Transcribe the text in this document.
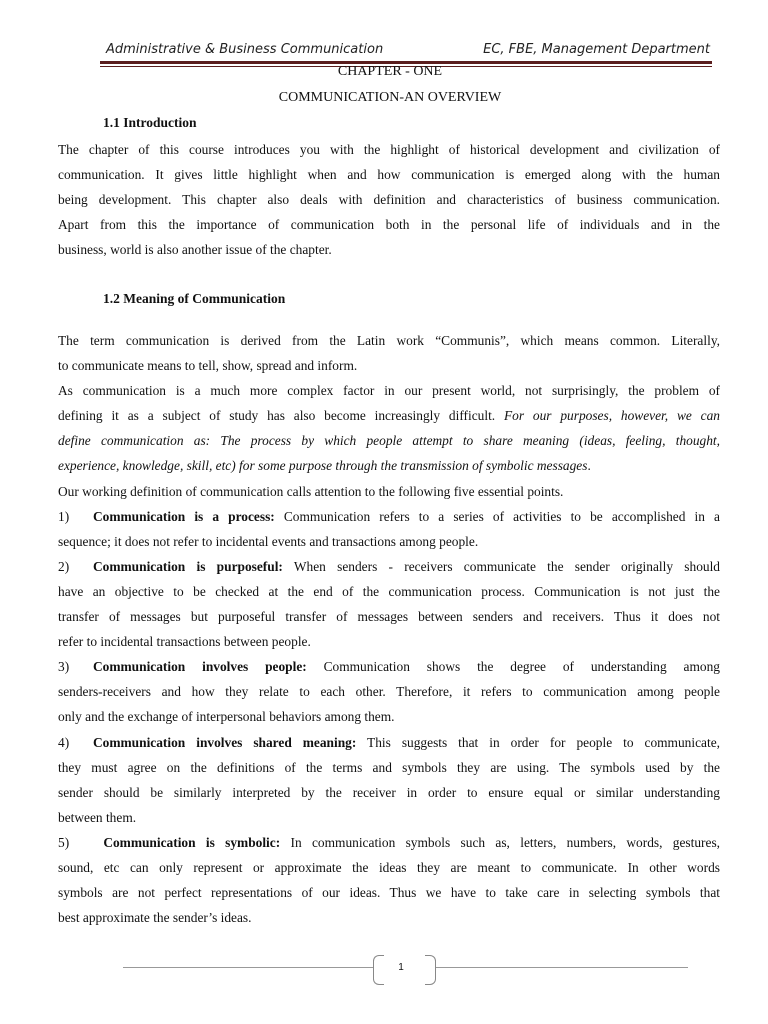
Administrative & Business Communication	EC, FBE, Management Department
CHAPTER - ONE
COMMUNICATION-AN OVERVIEW
1.1 Introduction
The chapter of this course introduces you with the highlight of historical development and civilization of
communication. It gives little highlight when and how communication is emerged along with the human
being development. This chapter also deals with definition and characteristics of business communication.
Apart from this the importance of communication both in the personal life of individuals and in the
business, world is also another issue of the chapter.
1.2 Meaning of Communication
The term communication is derived from the Latin work “Communis”, which means common. Literally,
to communicate means to tell, show, spread and inform.
As communication is a much more complex factor in our present world, not surprisingly, the problem of
defining it as a subject of study has also become increasingly difficult. For our purposes, however, we can
define communication as: The process by which people attempt to share meaning (ideas, feeling, thought,
experience, knowledge, skill, etc) for some purpose through the transmission of symbolic messages.
Our working definition of communication calls attention to the following five essential points.
1) Communication is a process: Communication refers to a series of activities to be accomplished in a
sequence; it does not refer to incidental events and transactions among people.
2) Communication is purposeful: When senders - receivers communicate the sender originally should
have an objective to be checked at the end of the communication process. Communication is not just the
transfer of messages but purposeful transfer of messages between senders and receivers. Thus it does not
refer to incidental transactions between people.
3) Communication involves people: Communication shows the degree of understanding among
senders-receivers and how they relate to each other. Therefore, it refers to communication among people
only and the exchange of interpersonal behaviors among them.
4) Communication involves shared meaning: This suggests that in order for people to communicate,
they must agree on the definitions of the terms and symbols they are using. The symbols used by the
sender should be similarly interpreted by the receiver in order to ensure equal or similar understanding
between them.
5) Communication is symbolic: In communication symbols such as, letters, numbers, words, gestures,
sound, etc can only represent or approximate the ideas they are meant to communicate. In other words
symbols are not perfect representations of our ideas. Thus we have to take care in selecting symbols that
best approximate the sender’s ideas.
1
